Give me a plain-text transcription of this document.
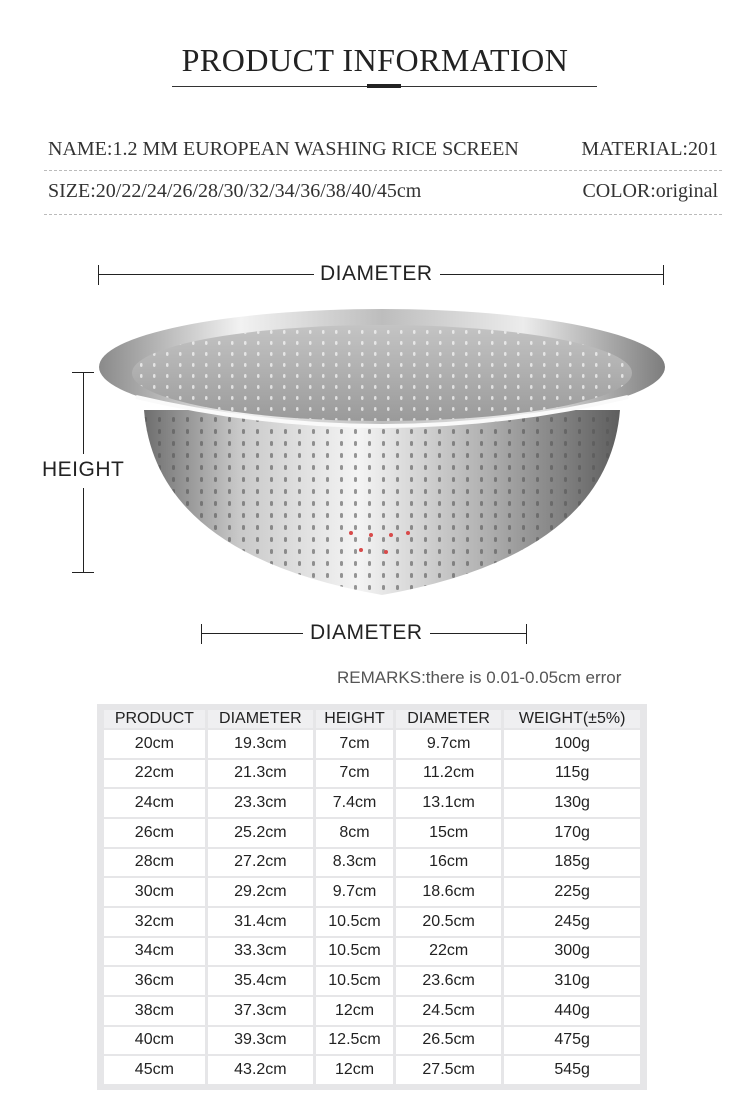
PRODUCT INFORMATION
NAME:1.2 MM EUROPEAN WASHING RICE SCREEN	MATERIAL:201
SIZE:20/22/24/26/28/30/32/34/36/38/40/45cm	COLOR:original
DIAMETER
HEIGHT
DIAMETER
REMARKS:there is 0.01-0.05cm error
PRODUCT	DIAMETER	HEIGHT	DIAMETER	WEIGHT(±5%)
20cm	19.3cm	7cm	9.7cm	100g
22cm	21.3cm	7cm	11.2cm	115g
24cm	23.3cm	7.4cm	13.1cm	130g
26cm	25.2cm	8cm	15cm	170g
28cm	27.2cm	8.3cm	16cm	185g
30cm	29.2cm	9.7cm	18.6cm	225g
32cm	31.4cm	10.5cm	20.5cm	245g
34cm	33.3cm	10.5cm	22cm	300g
36cm	35.4cm	10.5cm	23.6cm	310g
38cm	37.3cm	12cm	24.5cm	440g
40cm	39.3cm	12.5cm	26.5cm	475g
45cm	43.2cm	12cm	27.5cm	545g
